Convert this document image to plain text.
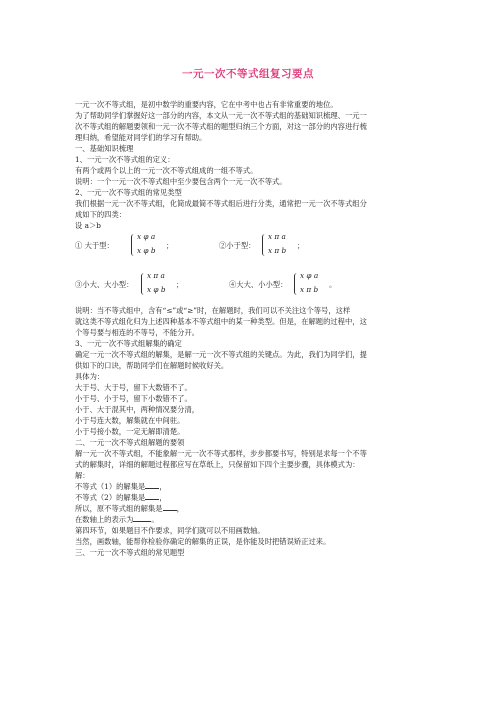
一元一次不等式组复习要点
一元一次不等式组，是初中数学的重要内容，它在中考中也占有非常重要的地位。
为了帮助同学们掌握好这一部分的内容，本文从一元一次不等式组的基础知识梳理、一元一
次不等式组的解题要领和一元一次不等式组的题型归纳三个方面，对这一部分的内容进行梳
理归纳，希望能对同学们的学习有帮助。
一、基础知识梳理
1、一元一次不等式组的定义：
有两个或两个以上的一元一次不等式组成的一组不等式。
说明：一个一元一次不等式组中至少要包含两个一元一次不等式。
2、一元一次不等式组的常见类型
我们根据一元一次不等式组，化简成最简不等式组后进行分类，通常把一元一次不等式组分
成如下的四类：
设 a＞b
① 大于型：
x φ a
x φ b
；	②小于型：
x π a
x π b
；
③小大、大小型：
x π a
x φ b
；	④大大、小小型：
x φ a
x π b
。
说明：当不等式组中，含有“≤”或“≥”时，在解题时，我们可以不关注这个等号，这样
就这类不等式组化归为上述四种基本不等式组中的某一种类型。但是，在解题的过程中，这
个等号要与相连的不等号，不能分开。
3、一元一次不等式组解集的确定
确定一元一次不等式组的解集，是解一元一次不等式组的关键点。为此，我们为同学们，提
供如下的口诀，帮助同学们在解题时候收好关。
具体为：
大于号、大于号，留下大数错不了。
小于号、小于号，留下小数错不了。
小于、大于混其中，两种情况要分清，
小于号连大数，解集就在中间驻。
小于号接小数，一定无解即清楚。
二、一元一次不等式组解题的要领
解一元一次不等式组，不能象解一元一次不等式那样，步步都要书写，特别是求每一个不等
式的解集时，详细的解题过程都应写在草纸上，只保留如下四个主要步骤，具体模式为：
解：
不等式（1）的解集是 ，
不等式（2）的解集是 ，
所以，原不等式组的解集是 ，
在数轴上的表示为 。
第四环节，如果题目不作要求，同学们就可以不用画数轴。
当然，画数轴，能帮你检验你确定的解集的正误，是你能及时把错误矫正过来。
三、一元一次不等式组的常见题型
